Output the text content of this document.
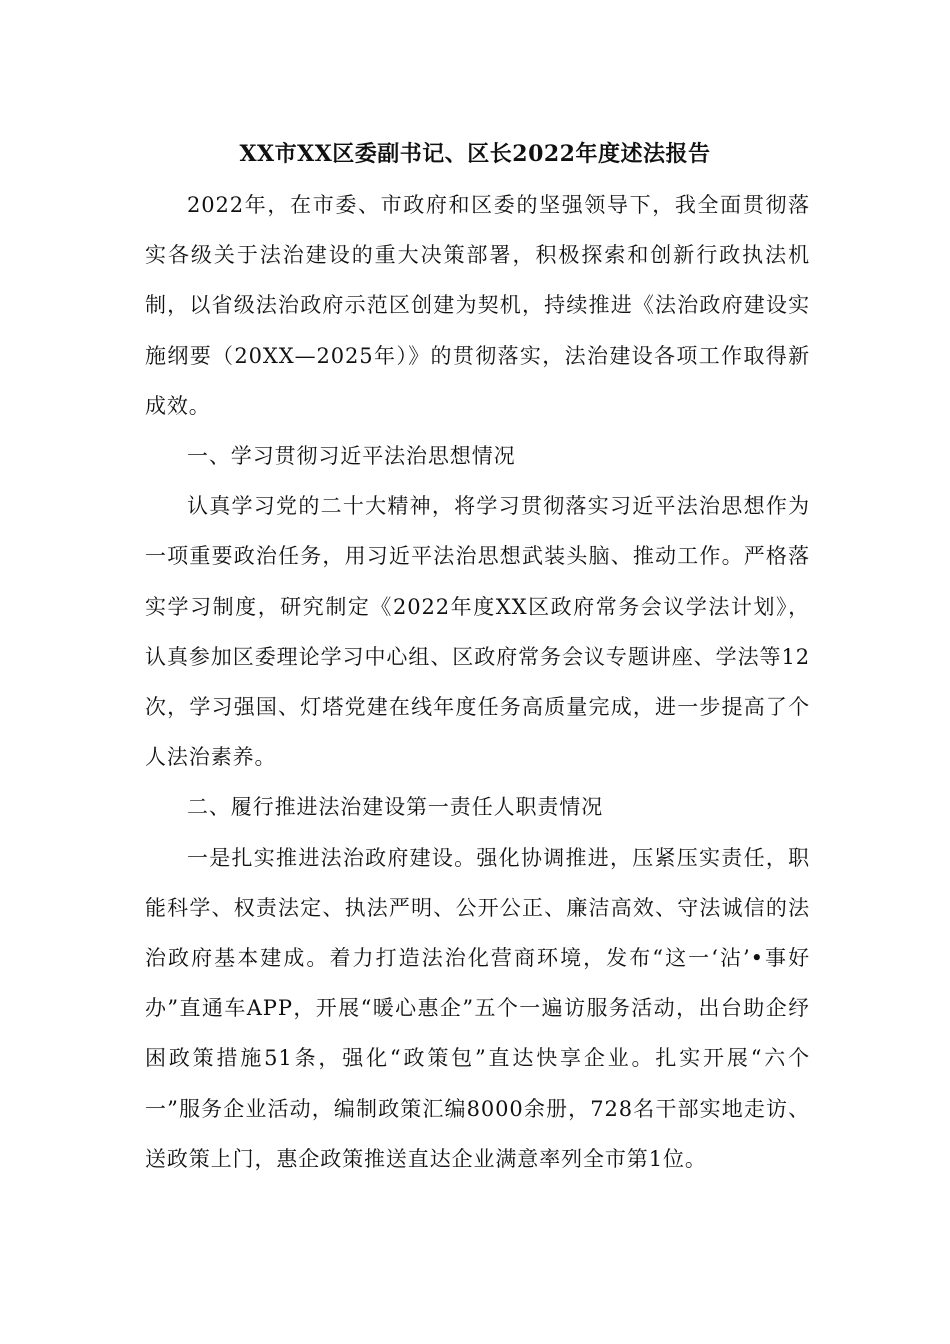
XX市XX区委副书记、区长2022年度述法报告

2022年，在市委、市政府和区委的坚强领导下，我全面贯彻落实各级关于法治建设的重大决策部署，积极探索和创新行政执法机制，以省级法治政府示范区创建为契机，持续推进《法治政府建设实施纲要（20XX—2025年）》的贯彻落实，法治建设各项工作取得新成效。

一、学习贯彻习近平法治思想情况

认真学习党的二十大精神，将学习贯彻落实习近平法治思想作为一项重要政治任务，用习近平法治思想武装头脑、推动工作。严格落实学习制度，研究制定《2022年度XX区政府常务会议学法计划》，认真参加区委理论学习中心组、区政府常务会议专题讲座、学法等12次，学习强国、灯塔党建在线年度任务高质量完成，进一步提高了个人法治素养。

二、履行推进法治建设第一责任人职责情况

一是扎实推进法治政府建设。强化协调推进，压紧压实责任，职能科学、权责法定、执法严明、公开公正、廉洁高效、守法诚信的法治政府基本建成。着力打造法治化营商环境，发布“这一‘沾’•事好办”直通车APP，开展“暖心惠企”五个一遍访服务活动，出台助企纾困政策措施51条，强化“政策包”直达快享企业。扎实开展“六个一”服务企业活动，编制政策汇编8000余册，728名干部实地走访、送政策上门，惠企政策推送直达企业满意率列全市第1位。
